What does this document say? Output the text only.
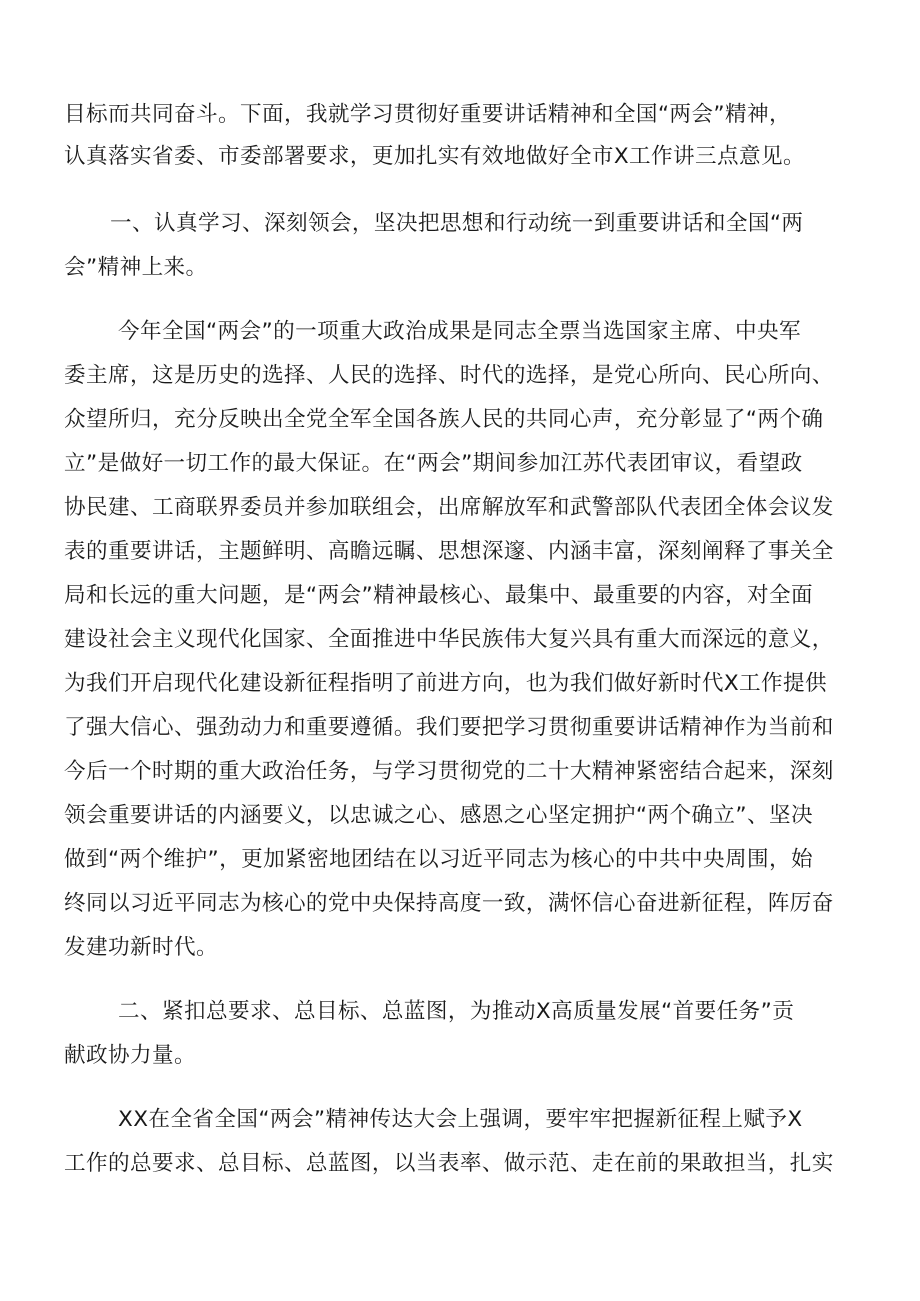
目标而共同奋斗。下面，我就学习贯彻好重要讲话精神和全国“两会”精神，
认真落实省委、市委部署要求，更加扎实有效地做好全市X工作讲三点意见。
一、认真学习、深刻领会，坚决把思想和行动统一到重要讲话和全国“两
会”精神上来。
今年全国“两会”的一项重大政治成果是同志全票当选国家主席、中央军
委主席，这是历史的选择、人民的选择、时代的选择，是党心所向、民心所向、
众望所归，充分反映出全党全军全国各族人民的共同心声，充分彰显了“两个确
立”是做好一切工作的最大保证。在“两会”期间参加江苏代表团审议，看望政
协民建、工商联界委员并参加联组会，出席解放军和武警部队代表团全体会议发
表的重要讲话，主题鲜明、高瞻远瞩、思想深邃、内涵丰富，深刻阐释了事关全
局和长远的重大问题，是“两会”精神最核心、最集中、最重要的内容，对全面
建设社会主义现代化国家、全面推进中华民族伟大复兴具有重大而深远的意义，
为我们开启现代化建设新征程指明了前进方向，也为我们做好新时代X工作提供
了强大信心、强劲动力和重要遵循。我们要把学习贯彻重要讲话精神作为当前和
今后一个时期的重大政治任务，与学习贯彻党的二十大精神紧密结合起来，深刻
领会重要讲话的内涵要义，以忠诚之心、感恩之心坚定拥护“两个确立”、坚决
做到“两个维护”，更加紧密地团结在以习近平同志为核心的中共中央周围，始
终同以习近平同志为核心的党中央保持高度一致，满怀信心奋进新征程，阵厉奋
发建功新时代。
二、紧扣总要求、总目标、总蓝图，为推动X高质量发展“首要任务”贡
献政协力量。
XX在全省全国“两会”精神传达大会上强调，要牢牢把握新征程上赋予X
工作的总要求、总目标、总蓝图，以当表率、做示范、走在前的果敢担当，扎实
